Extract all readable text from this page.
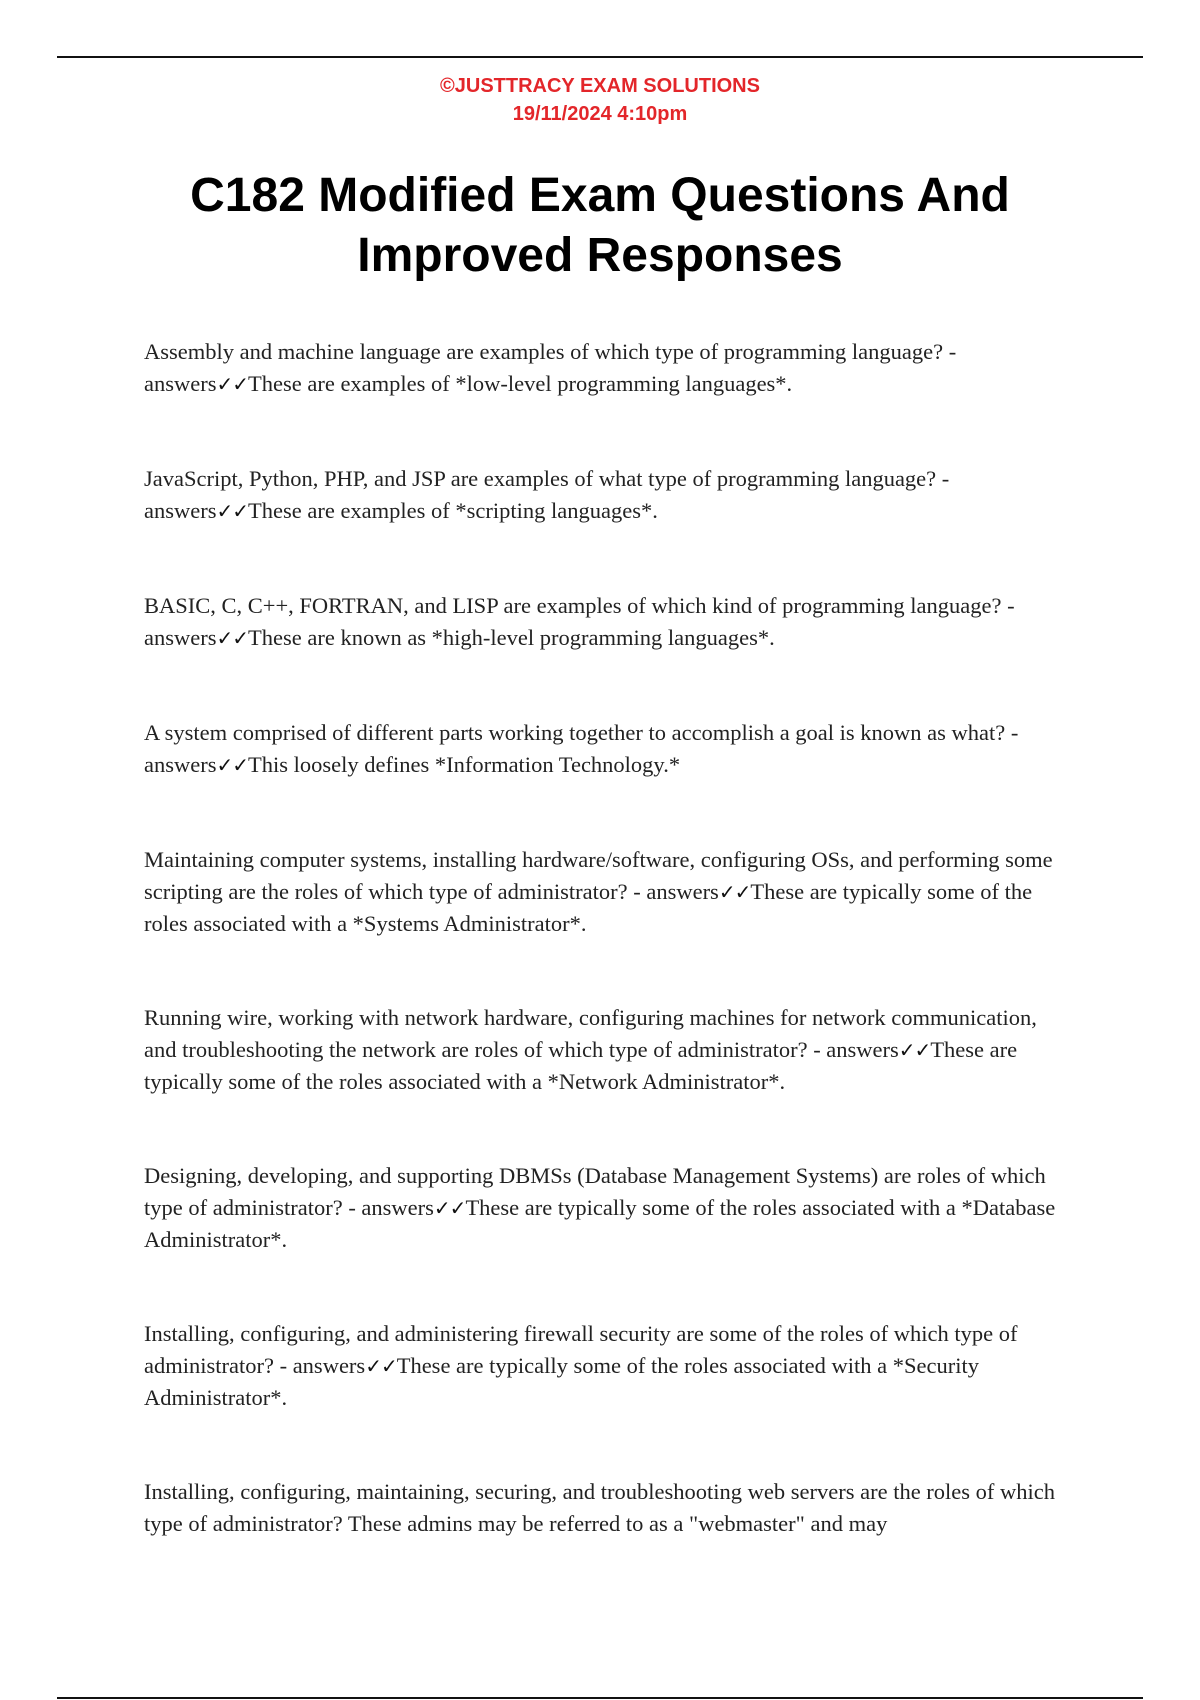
©JUSTTRACY EXAM SOLUTIONS
19/11/2024 4:10pm
C182 Modified Exam Questions And
Improved Responses

Assembly and machine language are examples of which type of programming language? - answers✓✓These are examples of *low-level programming languages*.

JavaScript, Python, PHP, and JSP are examples of what type of programming language? - answers✓✓These are examples of *scripting languages*.

BASIC, C, C++, FORTRAN, and LISP are examples of which kind of programming language? - answers✓✓These are known as *high-level programming languages*.

A system comprised of different parts working together to accomplish a goal is known as what? - answers✓✓This loosely defines *Information Technology.*

Maintaining computer systems, installing hardware/software, configuring OSs, and performing some scripting are the roles of which type of administrator? - answers✓✓These are typically some of the roles associated with a *Systems Administrator*.

Running wire, working with network hardware, configuring machines for network communication, and troubleshooting the network are roles of which type of administrator? - answers✓✓These are typically some of the roles associated with a *Network Administrator*.

Designing, developing, and supporting DBMSs (Database Management Systems) are roles of which type of administrator? - answers✓✓These are typically some of the roles associated with a *Database Administrator*.

Installing, configuring, and administering firewall security are some of the roles of which type of administrator? - answers✓✓These are typically some of the roles associated with a *Security Administrator*.

Installing, configuring, maintaining, securing, and troubleshooting web servers are the roles of which type of administrator? These admins may be referred to as a "webmaster" and may
